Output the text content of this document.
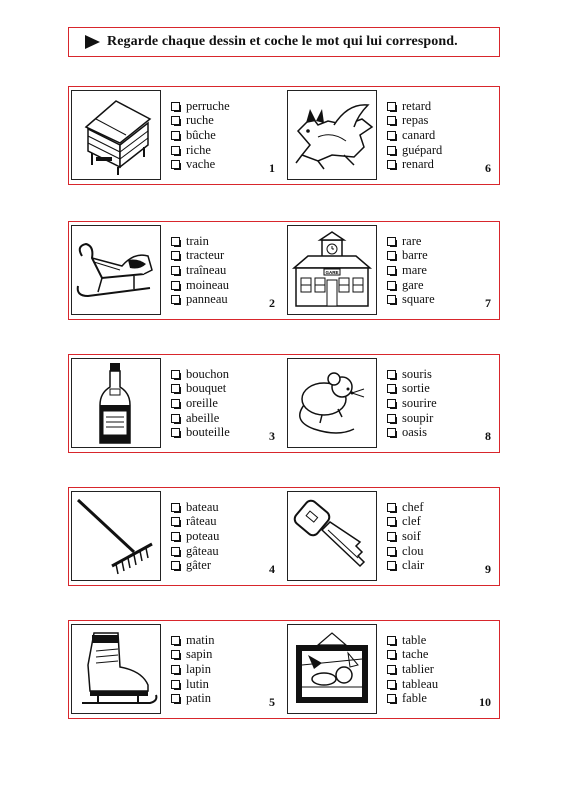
Regarde chaque dessin et coche le mot qui lui correspond.
perruche
ruche
bûche
riche
vache	1
retard
repas
canard
guépard
renard	6
train
tracteur
traîneau
moineau
panneau	2
GARE
rare
barre
mare
gare
square	7
bouchon
bouquet
oreille
abeille
bouteille	3
souris
sortie
sourire
soupir
oasis	8
bateau
râteau
poteau
gâteau
gâter	4
chef
clef
soif
clou
clair	9
matin
sapin
lapin
lutin
patin	5
table
tache
tablier
tableau
fable	10
